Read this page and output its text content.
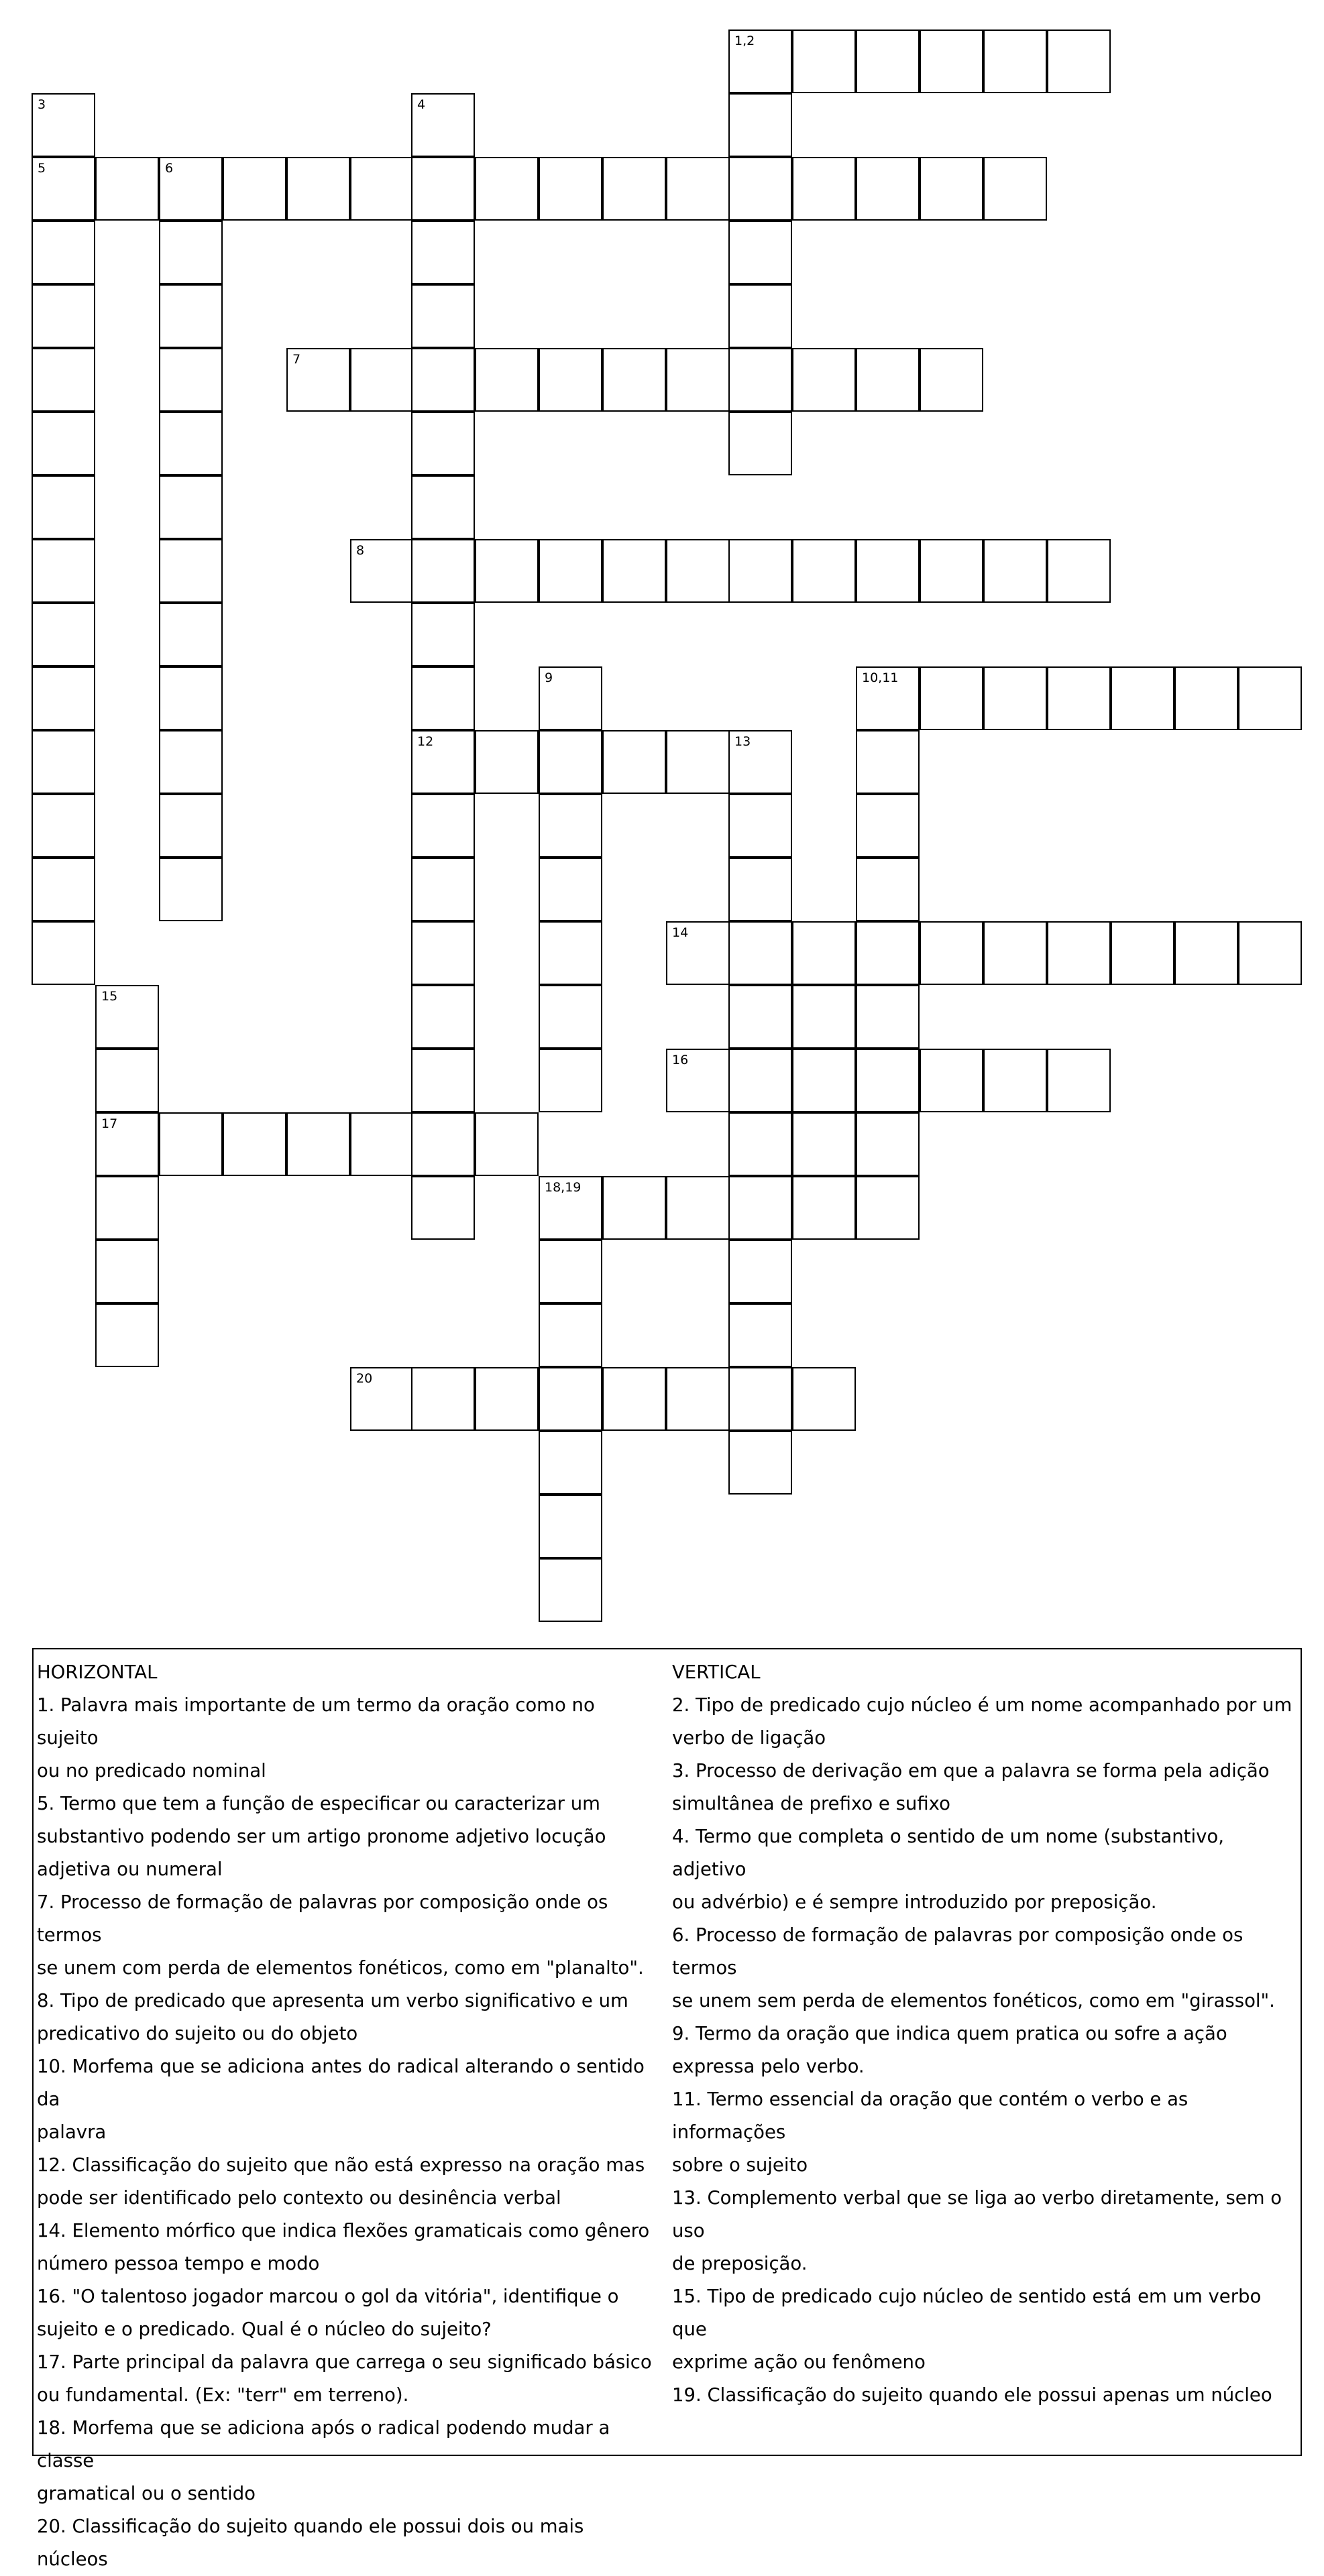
1,2
3	4
5	6
7
8
9	10,11
12	13
14
15
16
17
18,19
20
HORIZONTAL
1. Palavra mais importante de um termo da oração como no sujeito
ou no predicado nominal
5. Termo que tem a função de especificar ou caracterizar um
substantivo podendo ser um artigo pronome adjetivo locução
adjetiva ou numeral
7. Processo de formação de palavras por composição onde os termos
se unem com perda de elementos fonéticos, como em "planalto".
8. Tipo de predicado que apresenta um verbo significativo e um
predicativo do sujeito ou do objeto
10. Morfema que se adiciona antes do radical alterando o sentido da
palavra
12. Classificação do sujeito que não está expresso na oração mas
pode ser identificado pelo contexto ou desinência verbal
14. Elemento mórfico que indica flexões gramaticais como gênero
número pessoa tempo e modo
16. "O talentoso jogador marcou o gol da vitória", identifique o
sujeito e o predicado. Qual é o núcleo do sujeito?
17. Parte principal da palavra que carrega o seu significado básico
ou fundamental. (Ex: "terr" em terreno).
18. Morfema que se adiciona após o radical podendo mudar a classe
gramatical ou o sentido
20. Classificação do sujeito quando ele possui dois ou mais núcleos
VERTICAL
2. Tipo de predicado cujo núcleo é um nome acompanhado por um
verbo de ligação
3. Processo de derivação em que a palavra se forma pela adição
simultânea de prefixo e sufixo
4. Termo que completa o sentido de um nome (substantivo, adjetivo
ou advérbio) e é sempre introduzido por preposição.
6. Processo de formação de palavras por composição onde os termos
se unem sem perda de elementos fonéticos, como em "girassol".
9. Termo da oração que indica quem pratica ou sofre a ação
expressa pelo verbo.
11. Termo essencial da oração que contém o verbo e as informações
sobre o sujeito
13. Complemento verbal que se liga ao verbo diretamente, sem o uso
de preposição.
15. Tipo de predicado cujo núcleo de sentido está em um verbo que
exprime ação ou fenômeno
19. Classificação do sujeito quando ele possui apenas um núcleo
